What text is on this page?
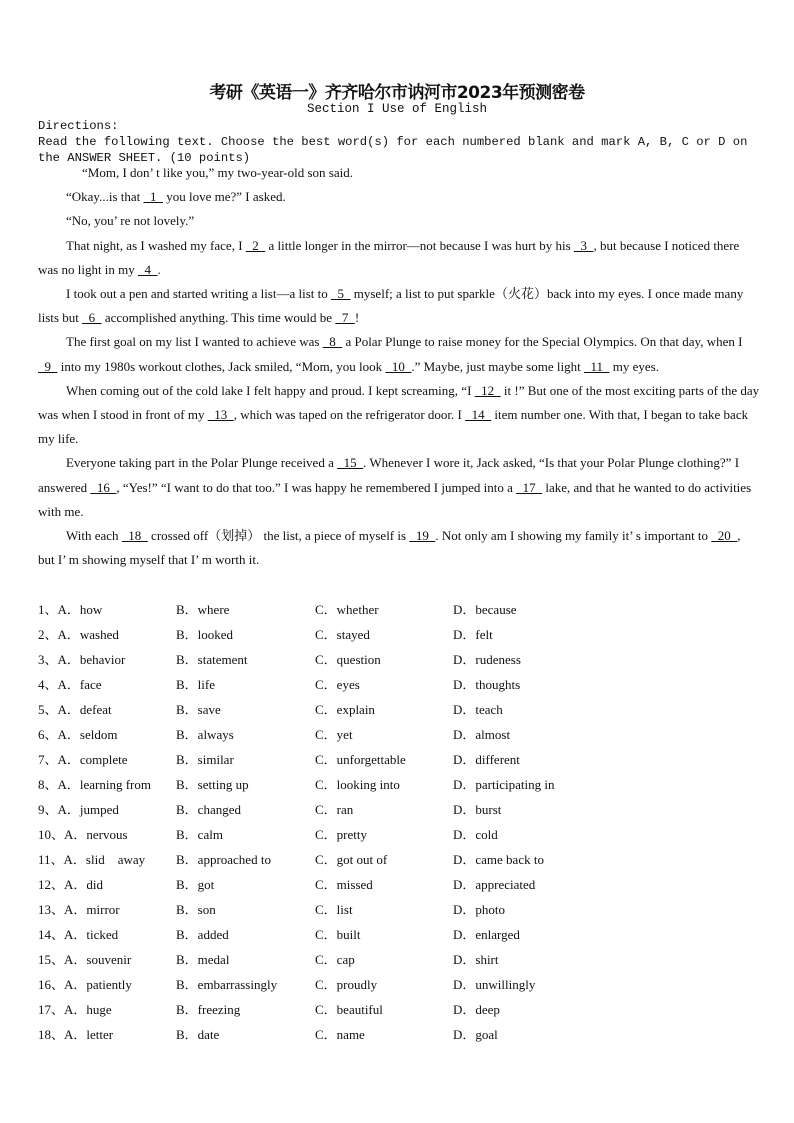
考研《英语一》齐齐哈尔市讷河市2023年预测密卷
Section I Use of English
Directions:
Read the following text. Choose the best word(s) for each numbered blank and mark A, B, C or D on the ANSWER SHEET. (10 points)

“Mom, I don’ t like you,” my two-year-old son said.

“Okay...is that   1   you love me?” I asked.

“No, you’ re not lovely.”

That night, as I washed my face, I   2   a little longer in the mirror—not because I was hurt by his   3  , but because I noticed there was no light in my   4  .

I took out a pen and started writing a list—a list to   5   myself; a list to put sparkle（火花）back into my eyes. I once made many lists but   6   accomplished anything. This time would be   7  !

The first goal on my list I wanted to achieve was   8   a Polar Plunge to raise money for the Special Olympics. On that day, when I   9   into my 1980s workout clothes, Jack smiled, “Mom, you look   10  .” Maybe, just maybe some light   11   my eyes.

When coming out of the cold lake I felt happy and proud. I kept screaming, “I   12   it !” But one of the most exciting parts of the day was when I stood in front of my   13  , which was taped on the refrigerator door. I   14   item number one. With that, I began to take back my life.

Everyone taking part in the Polar Plunge received a   15  . Whenever I wore it, Jack asked, “Is that your Polar Plunge clothing?” I answered   16  , “Yes!” “I want to do that too.” I was happy he remembered I jumped into a   17   lake, and that he wanted to do activities with me.

With each   18   crossed off（划掉） the list, a piece of myself is   19  . Not only am I showing my family it’ s important to   20  , but I’ m showing myself that I’ m worth it.

1、A．how	B．where	C．whether	D．because
2、A．washed	B．looked	C．stayed	D．felt
3、A．behavior	B．statement	C．question	D．rudeness
4、A．face	B．life	C．eyes	D．thoughts
5、A．defeat	B．save	C．explain	D．teach
6、A．seldom	B．always	C．yet	D．almost
7、A．complete	B．similar	C．unforgettable	D．different
8、A．learning from B．setting up	C．looking into	D．participating in
9、A．jumped	B．changed	C．ran	D．burst
10、A．nervous	B．calm	C．pretty	D．cold
11、A．slid    away B．approached to	C．got out of	D．came back to
12、A．did	B．got	C．missed	D．appreciated
13、A．mirror	B．son	C．list	D．photo
14、A．ticked	B．added	C．built	D．enlarged
15、A．souvenir	B．medal	C．cap	D．shirt
16、A．patiently	B．embarrassingly	C．proudly	D．unwillingly
17、A．huge	B．freezing	C．beautiful	D．deep
18、A．letter	B．date	C．name	D．goal
